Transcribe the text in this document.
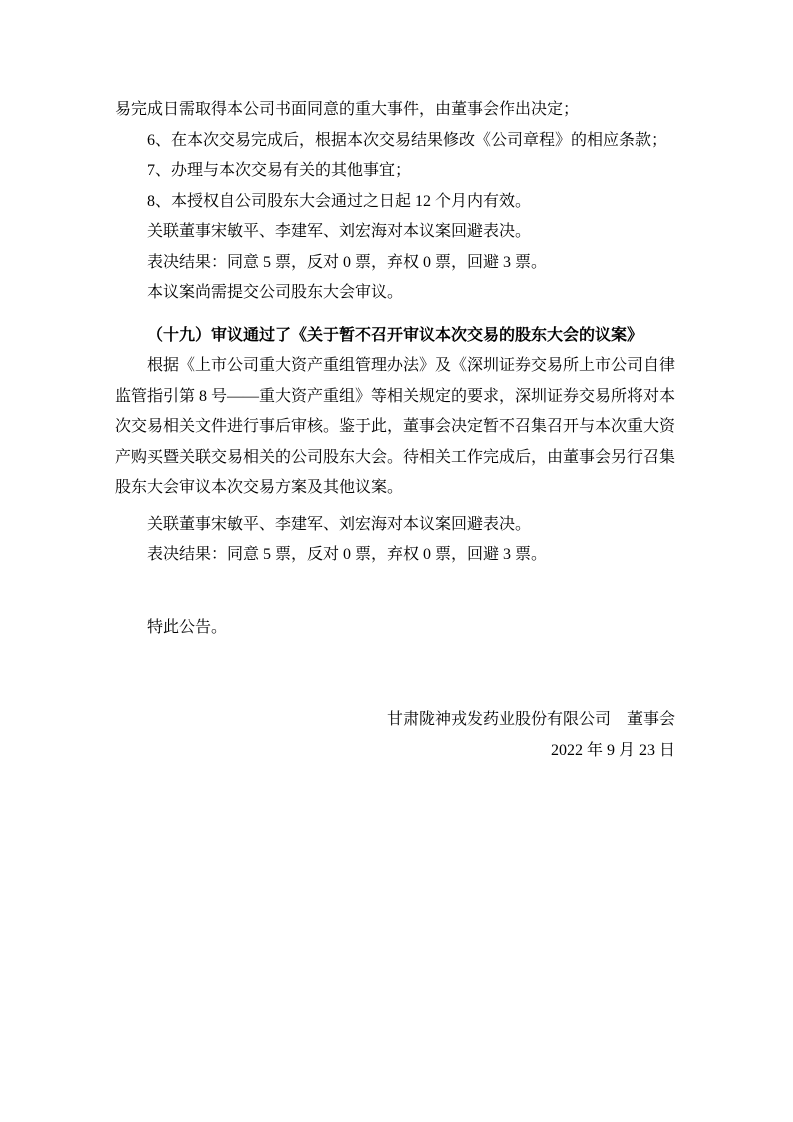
易完成日需取得本公司书面同意的重大事件，由董事会作出决定；

6、在本次交易完成后，根据本次交易结果修改《公司章程》的相应条款；

7、办理与本次交易有关的其他事宜；

8、本授权自公司股东大会通过之日起 12 个月内有效。

关联董事宋敏平、李建军、刘宏海对本议案回避表决。

表决结果：同意 5 票，反对 0 票，弃权 0 票，回避 3 票。

本议案尚需提交公司股东大会审议。

（十九）审议通过了《关于暂不召开审议本次交易的股东大会的议案》

根据《上市公司重大资产重组管理办法》及《深圳证券交易所上市公司自律监管指引第 8 号——重大资产重组》等相关规定的要求，深圳证券交易所将对本次交易相关文件进行事后审核。鉴于此，董事会决定暂不召集召开与本次重大资产购买暨关联交易相关的公司股东大会。待相关工作完成后，由董事会另行召集股东大会审议本次交易方案及其他议案。

关联董事宋敏平、李建军、刘宏海对本议案回避表决。

表决结果：同意 5 票，反对 0 票，弃权 0 票，回避 3 票。

特此公告。

甘肃陇神戎发药业股份有限公司　董事会

2022 年 9 月 23 日
